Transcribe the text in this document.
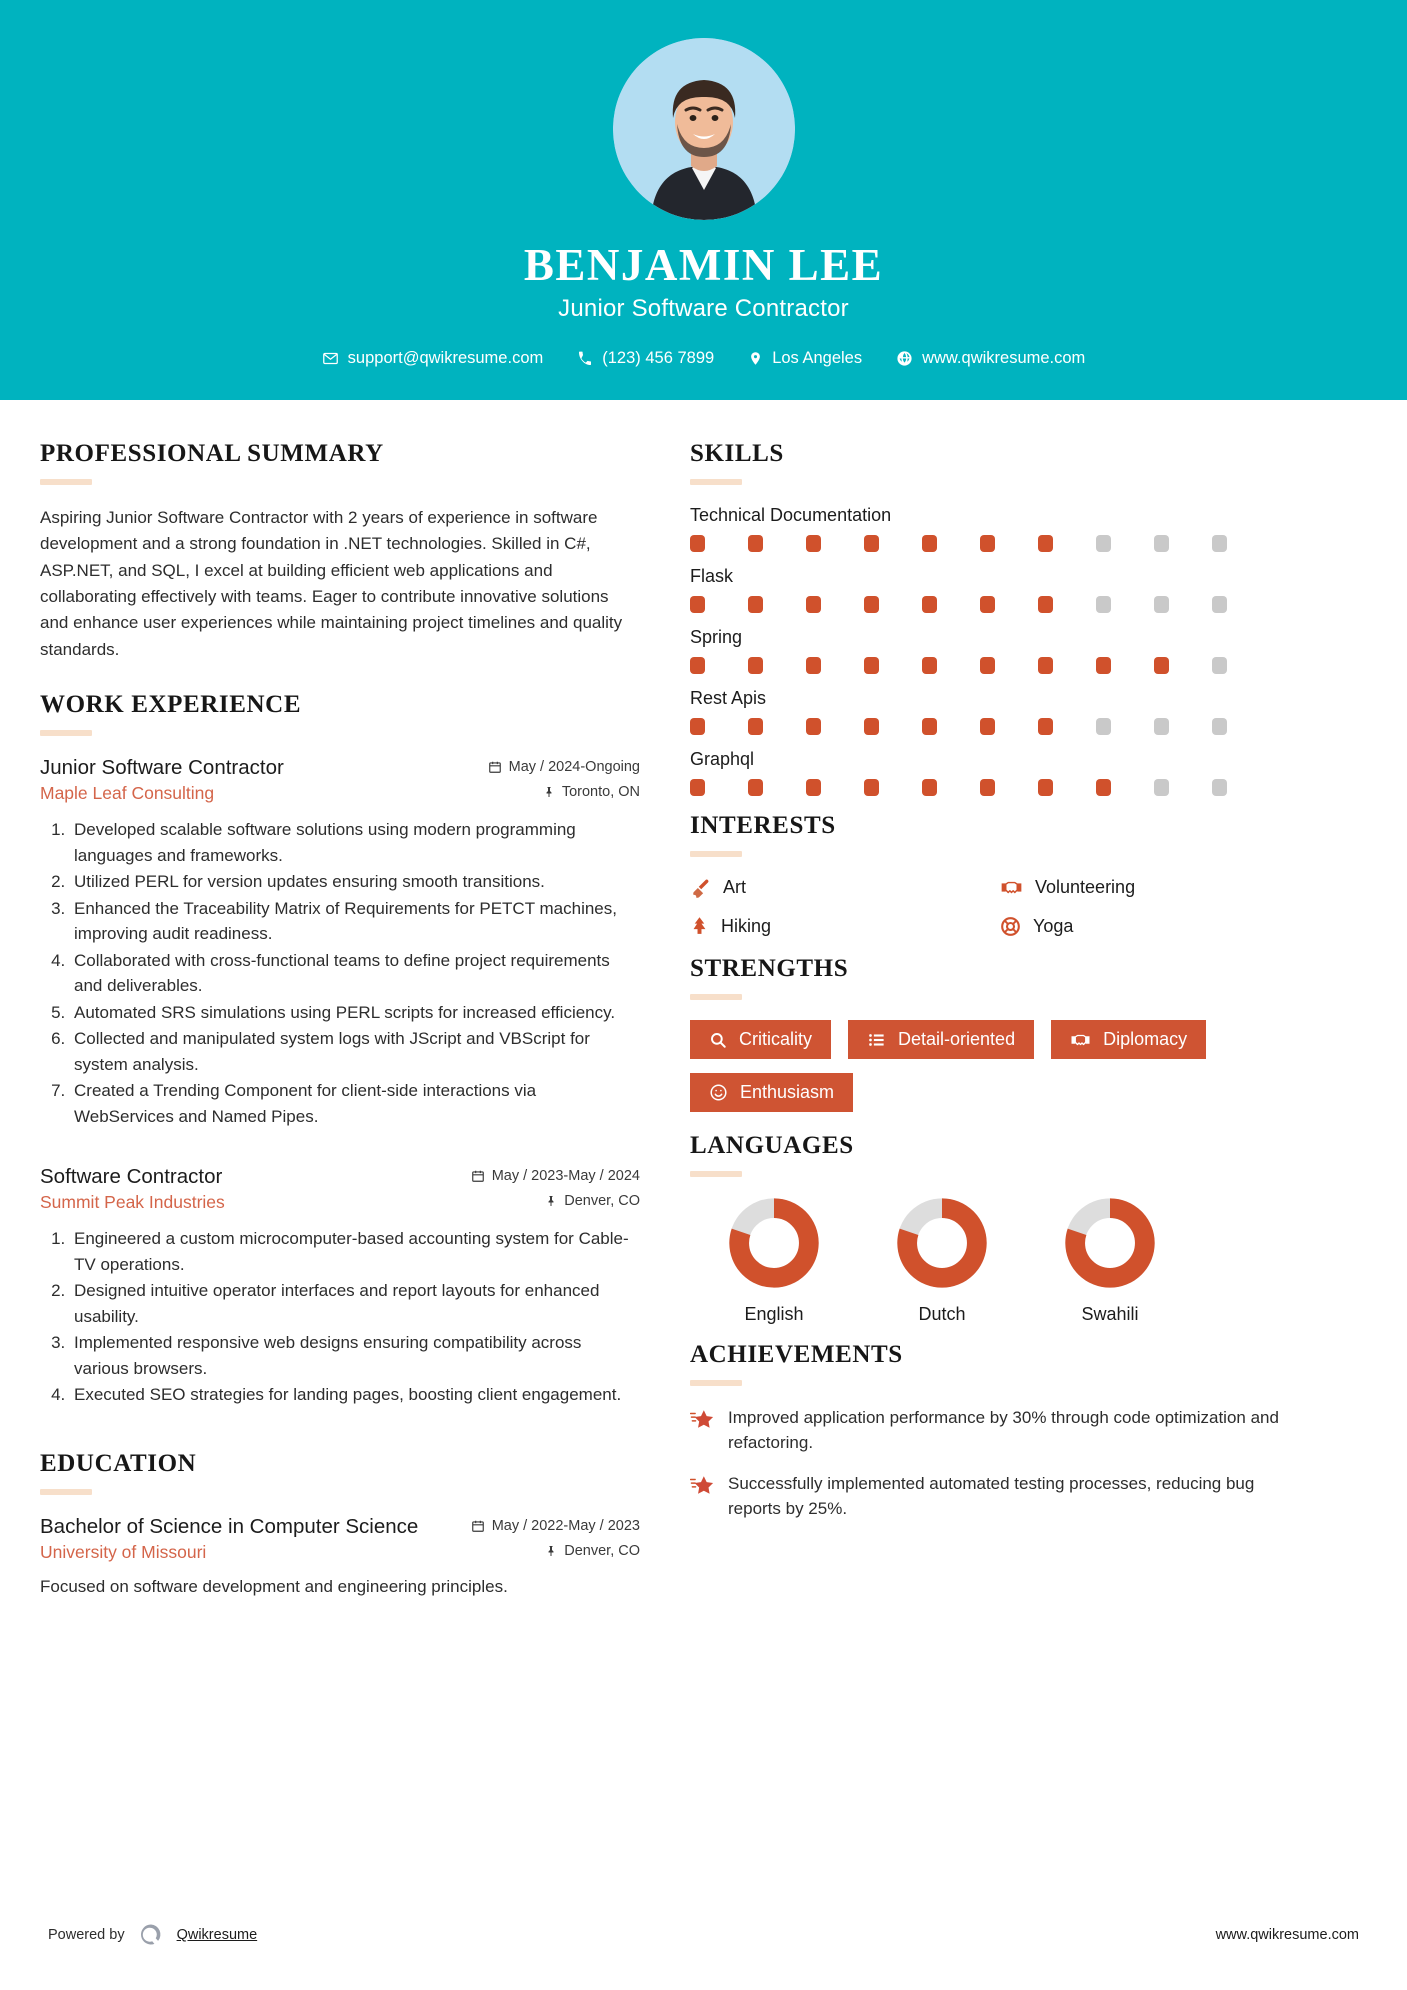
BENJAMIN LEE
Junior Software Contractor
support@qwikresume.com	(123) 456 7899	Los Angeles	www.qwikresume.com
PROFESSIONAL SUMMARY
Aspiring Junior Software Contractor with 2 years of experience in software development and a strong foundation in .NET technologies. Skilled in C#, ASP.NET, and SQL, I excel at building efficient web applications and collaborating effectively with teams. Eager to contribute innovative solutions and enhance user experiences while maintaining project timelines and quality standards.
WORK EXPERIENCE
Junior Software Contractor	May / 2024-Ongoing
Maple Leaf Consulting	Toronto, ON
1. Developed scalable software solutions using modern programming languages and frameworks.
2. Utilized PERL for version updates ensuring smooth transitions.
3. Enhanced the Traceability Matrix of Requirements for PETCT machines, improving audit readiness.
4. Collaborated with cross-functional teams to define project requirements and deliverables.
5. Automated SRS simulations using PERL scripts for increased efficiency.
6. Collected and manipulated system logs with JScript and VBScript for system analysis.
7. Created a Trending Component for client-side interactions via WebServices and Named Pipes.
Software Contractor	May / 2023-May / 2024
Summit Peak Industries	Denver, CO
1. Engineered a custom microcomputer-based accounting system for Cable-TV operations.
2. Designed intuitive operator interfaces and report layouts for enhanced usability.
3. Implemented responsive web designs ensuring compatibility across various browsers.
4. Executed SEO strategies for landing pages, boosting client engagement.
EDUCATION
Bachelor of Science in Computer Science	May / 2022-May / 2023
University of Missouri	Denver, CO
Focused on software development and engineering principles.
SKILLS
Technical Documentation
Flask
Spring
Rest Apis
Graphql
INTERESTS
Art	Volunteering
Hiking	Yoga
STRENGTHS
Criticality	Detail-oriented	Diplomacy
Enthusiasm
LANGUAGES
English	Dutch	Swahili
ACHIEVEMENTS
Improved application performance by 30% through code optimization and refactoring.
Successfully implemented automated testing processes, reducing bug reports by 25%.
Powered by	Qwikresume	www.qwikresume.com
